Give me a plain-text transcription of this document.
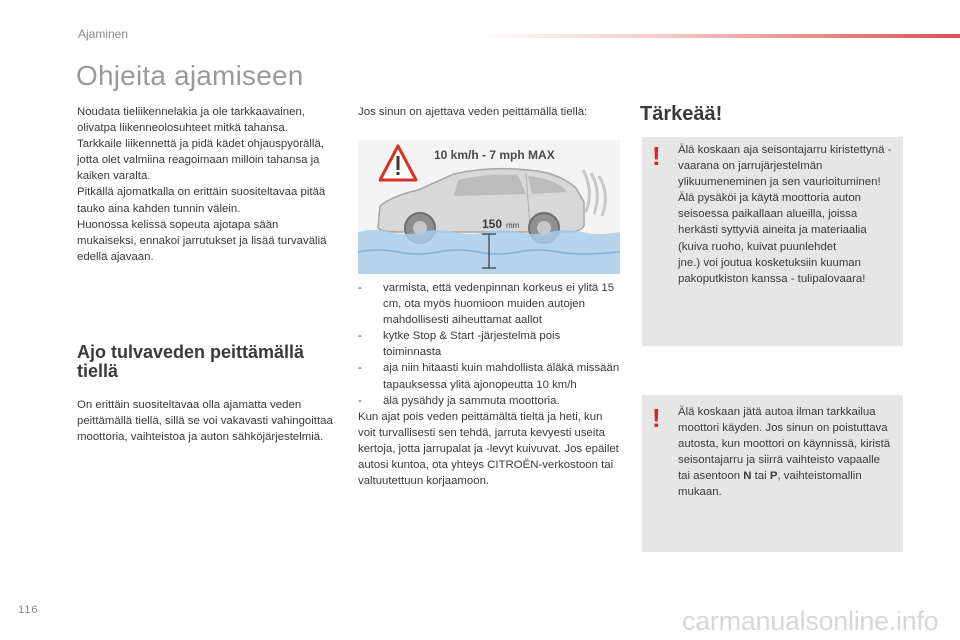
Ajaminen
Ohjeita ajamiseen
Noudata tieliikennelakia ja ole tarkkaavainen, olivatpa liikenneolosuhteet mitkä tahansa.
Tarkkaile liikennettä ja pidä kädet ohjauspyörällä, jotta olet valmiina reagoimaan milloin tahansa ja kaiken varalta.
Pitkällä ajomatkalla on erittäin suositeltavaa pitää tauko aina kahden tunnin välein.
Huonossa kelissä sopeuta ajotapa sään mukaiseksi, ennakoi jarrutukset ja lisää turvaväliä edellä ajavaan.
Ajo tulvaveden peittämällä tiellä
On erittäin suositeltavaa olla ajamatta veden peittämällä tiellä, sillä se voi vakavasti vahingoittaa moottoria, vaihteistoa ja auton sähköjärjestelmiä.
Jos sinun on ajettava veden peittämällä tiellä:
10 km/h - 7 mph MAX
150 mm
- varmista, että vedenpinnan korkeus ei ylitä 15 cm, ota myös huomioon muiden autojen mahdollisesti aiheuttamat aallot
- kytke Stop & Start -järjestelmä pois toiminnasta
- aja niin hitaasti kuin mahdollista äläkä missään tapauksessa ylitä ajonopeutta 10 km/h
- älä pysähdy ja sammuta moottoria.
Kun ajat pois veden peittämältä tieltä ja heti, kun voit turvallisesti sen tehdä, jarruta kevyesti useita kertoja, jotta jarrupalat ja -levyt kuivuvat. Jos epäilet autosi kuntoa, ota yhteys CITROËN-verkostoon tai valtuutettuun korjaamoon.
Tärkeää!
! Älä koskaan aja seisontajarru kiristettynä - vaarana on jarrujärjestelmän ylikuumeneminen ja sen vaurioituminen!
Älä pysäköi ja käytä moottoria auton seisoessa paikallaan alueilla, joissa herkästi syttyviä aineita ja materiaalia (kuiva ruoho, kuivat puunlehdet
jne.) voi joutua kosketuksiin kuuman pakoputkiston kanssa - tulipalovaara!
! Älä koskaan jätä autoa ilman tarkkailua moottori käyden. Jos sinun on poistuttava autosta, kun moottori on käynnissä, kiristä seisontajarru ja siirrä vaihteisto vapaalle tai asentoon N tai P, vaihteistomallin mukaan.
116	carmanualsonline.info
